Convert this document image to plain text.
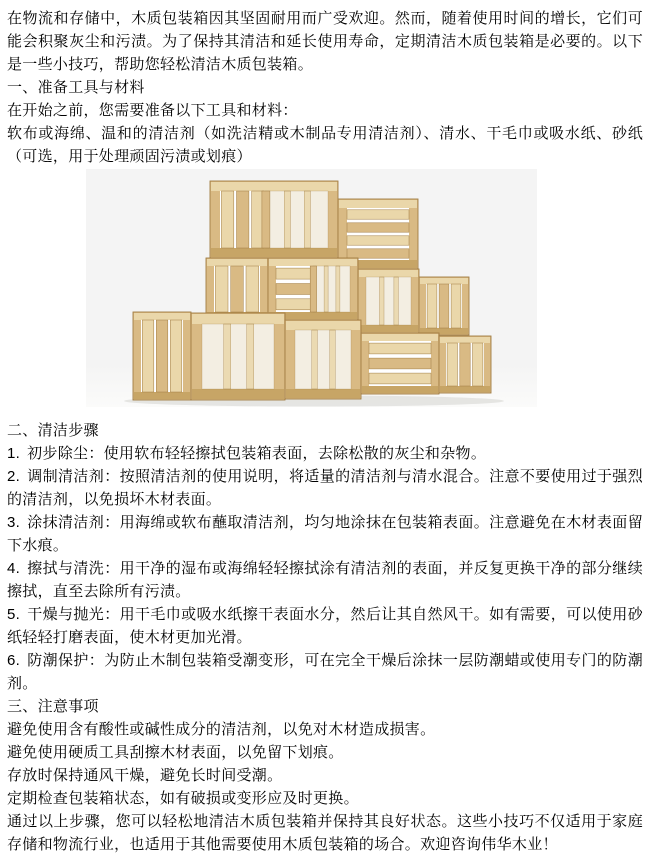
在物流和存储中，木质包装箱因其坚固耐用而广受欢迎。然而，随着使用时间的增长，它们可能会积聚灰尘和污渍。为了保持其清洁和延长使用寿命，定期清洁木质包装箱是必要的。以下是一些小技巧，帮助您轻松清洁木质包装箱。
一、准备工具与材料
在开始之前，您需要准备以下工具和材料：
软布或海绵、温和的清洁剂（如洗洁精或木制品专用清洁剂）、清水、干毛巾或吸水纸、砂纸（可选，用于处理顽固污渍或划痕）
二、清洁步骤
1. 初步除尘：使用软布轻轻擦拭包装箱表面，去除松散的灰尘和杂物。
2. 调制清洁剂：按照清洁剂的使用说明，将适量的清洁剂与清水混合。注意不要使用过于强烈的清洁剂，以免损坏木材表面。
3. 涂抹清洁剂：用海绵或软布蘸取清洁剂，均匀地涂抹在包装箱表面。注意避免在木材表面留下水痕。
4. 擦拭与清洗：用干净的湿布或海绵轻轻擦拭涂有清洁剂的表面，并反复更换干净的部分继续擦拭，直至去除所有污渍。
5. 干燥与抛光：用干毛巾或吸水纸擦干表面水分，然后让其自然风干。如有需要，可以使用砂纸轻轻打磨表面，使木材更加光滑。
6. 防潮保护：为防止木制包装箱受潮变形，可在完全干燥后涂抹一层防潮蜡或使用专门的防潮剂。
三、注意事项
避免使用含有酸性或碱性成分的清洁剂，以免对木材造成损害。
避免使用硬质工具刮擦木材表面，以免留下划痕。
存放时保持通风干燥，避免长时间受潮。
定期检查包装箱状态，如有破损或变形应及时更换。
通过以上步骤，您可以轻松地清洁木质包装箱并保持其良好状态。这些小技巧不仅适用于家庭存储和物流行业，也适用于其他需要使用木质包装箱的场合。欢迎咨询伟华木业！
